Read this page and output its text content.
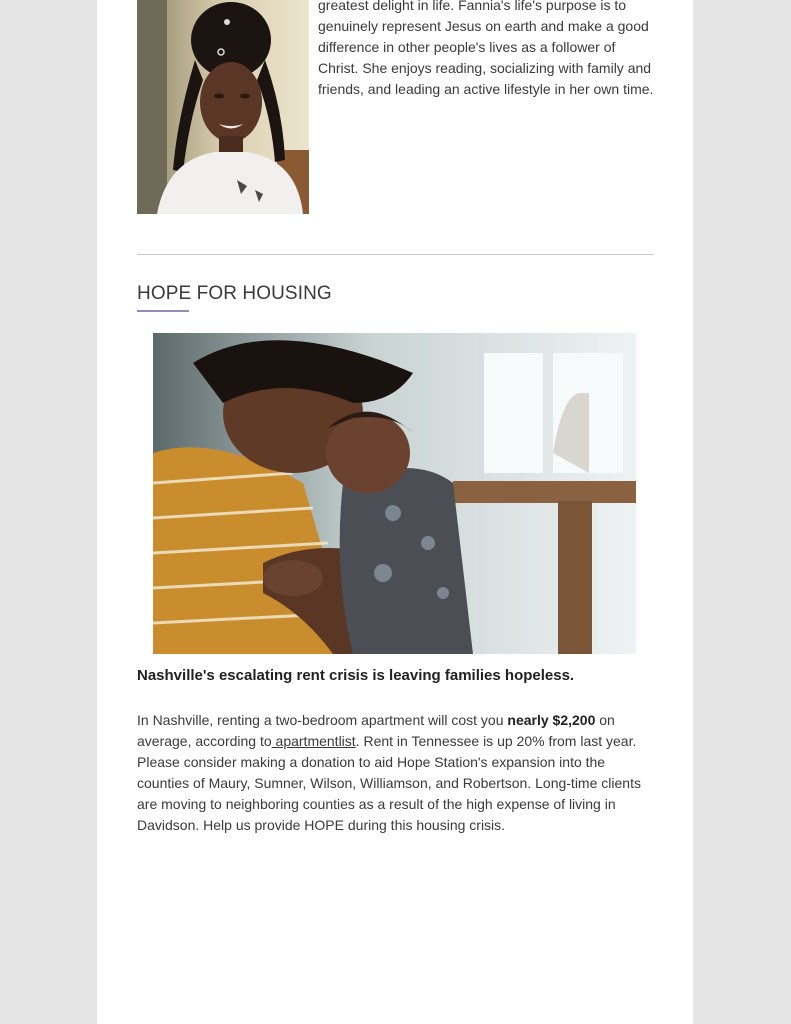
greatest delight in life. Fannia's life's purpose is to genuinely represent Jesus on earth and make a good difference in other people's lives as a follower of Christ. She enjoys reading, socializing with family and friends, and leading an active lifestyle in her own time.

HOPE FOR HOUSING
Nashville's escalating rent crisis is leaving families hopeless.

In Nashville, renting a two-bedroom apartment will cost you nearly $2,200 on average, according to apartmentlist. Rent in Tennessee is up 20% from last year. Please consider making a donation to aid Hope Station's expansion into the counties of Maury, Sumner, Wilson, Williamson, and Robertson. Long-time clients are moving to neighboring counties as a result of the high expense of living in Davidson. Help us provide HOPE during this housing crisis.
